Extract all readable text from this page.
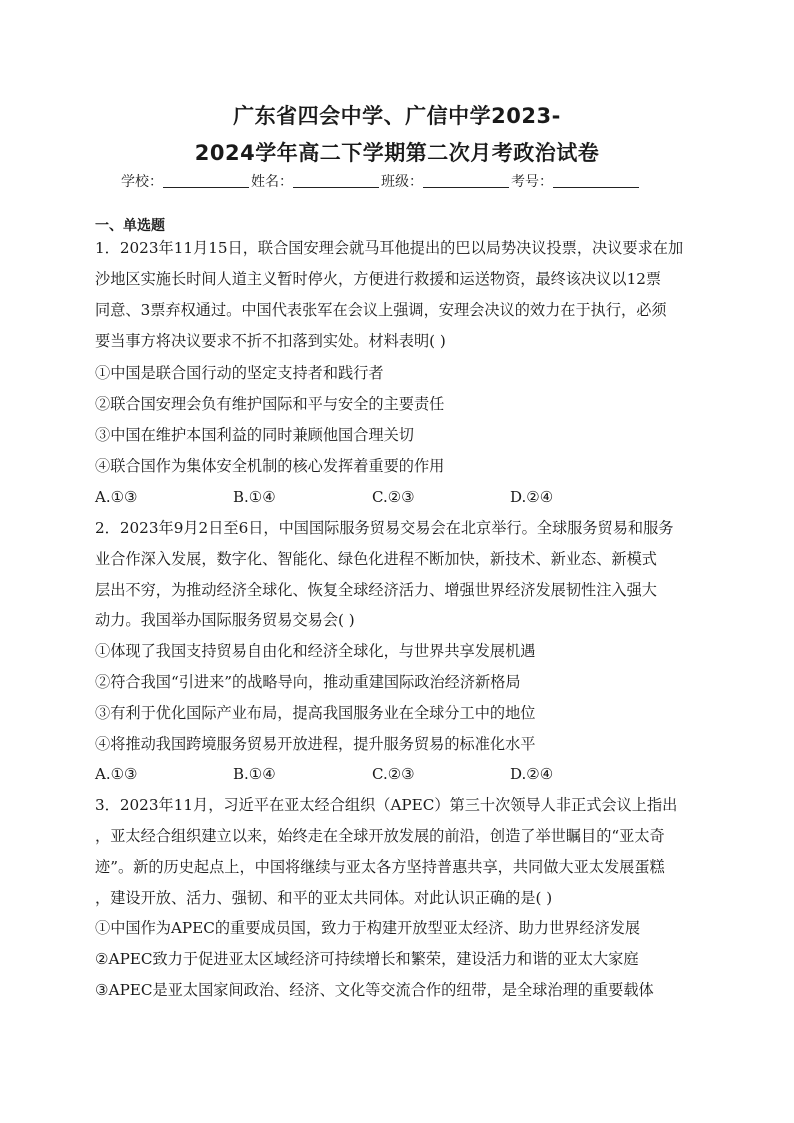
广东省四会中学、广信中学2023-
2024学年高二下学期第二次月考政治试卷
学校：	姓名：	班级：	考号：
一、单选题
1．2023年11月15日，联合国安理会就马耳他提出的巴以局势决议投票，决议要求在加
沙地区实施长时间人道主义暂时停火，方便进行救援和运送物资，最终该决议以12票
同意、3票弃权通过。中国代表张军在会议上强调，安理会决议的效力在于执行，必须
要当事方将决议要求不折不扣落到实处。材料表明( )
①中国是联合国行动的坚定支持者和践行者
②联合国安理会负有维护国际和平与安全的主要责任
③中国在维护本国利益的同时兼顾他国合理关切
④联合国作为集体安全机制的核心发挥着重要的作用
A.①③	B.①④	C.②③	D.②④
2．2023年9月2日至6日，中国国际服务贸易交易会在北京举行。全球服务贸易和服务
业合作深入发展，数字化、智能化、绿色化进程不断加快，新技术、新业态、新模式
层出不穷，为推动经济全球化、恢复全球经济活力、增强世界经济发展韧性注入强大
动力。我国举办国际服务贸易交易会( )
①体现了我国支持贸易自由化和经济全球化，与世界共享发展机遇
②符合我国“引进来”的战略导向，推动重建国际政治经济新格局
③有利于优化国际产业布局，提高我国服务业在全球分工中的地位
④将推动我国跨境服务贸易开放进程，提升服务贸易的标准化水平
A.①③	B.①④	C.②③	D.②④
3．2023年11月，习近平在亚太经合组织（APEC）第三十次领导人非正式会议上指出
，亚太经合组织建立以来，始终走在全球开放发展的前沿，创造了举世瞩目的“亚太奇
迹”。新的历史起点上，中国将继续与亚太各方坚持普惠共享，共同做大亚太发展蛋糕
，建设开放、活力、强韧、和平的亚太共同体。对此认识正确的是( )
①中国作为APEC的重要成员国，致力于构建开放型亚太经济、助力世界经济发展
②APEC致力于促进亚太区域经济可持续增长和繁荣，建设活力和谐的亚太大家庭
③APEC是亚太国家间政治、经济、文化等交流合作的纽带，是全球治理的重要载体
